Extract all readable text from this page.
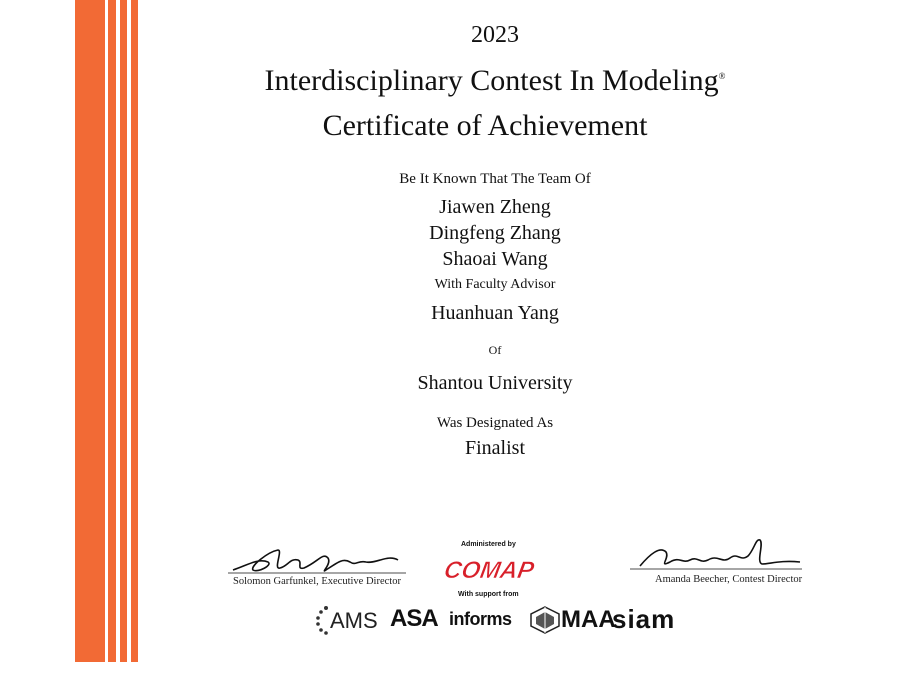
2023
Interdisciplinary Contest In Modeling®
Certificate of Achievement
Be It Known That The Team Of
Jiawen Zheng
Dingfeng Zhang
Shaoai Wang
With Faculty Advisor
Huanhuan Yang
Of
Shantou University
Was Designated As
Finalist
Solomon Garfunkel, Executive Director	Amanda Beecher, Contest Director
Administered by
COMAP
With support from
AMS ASA informs MAA
siam
